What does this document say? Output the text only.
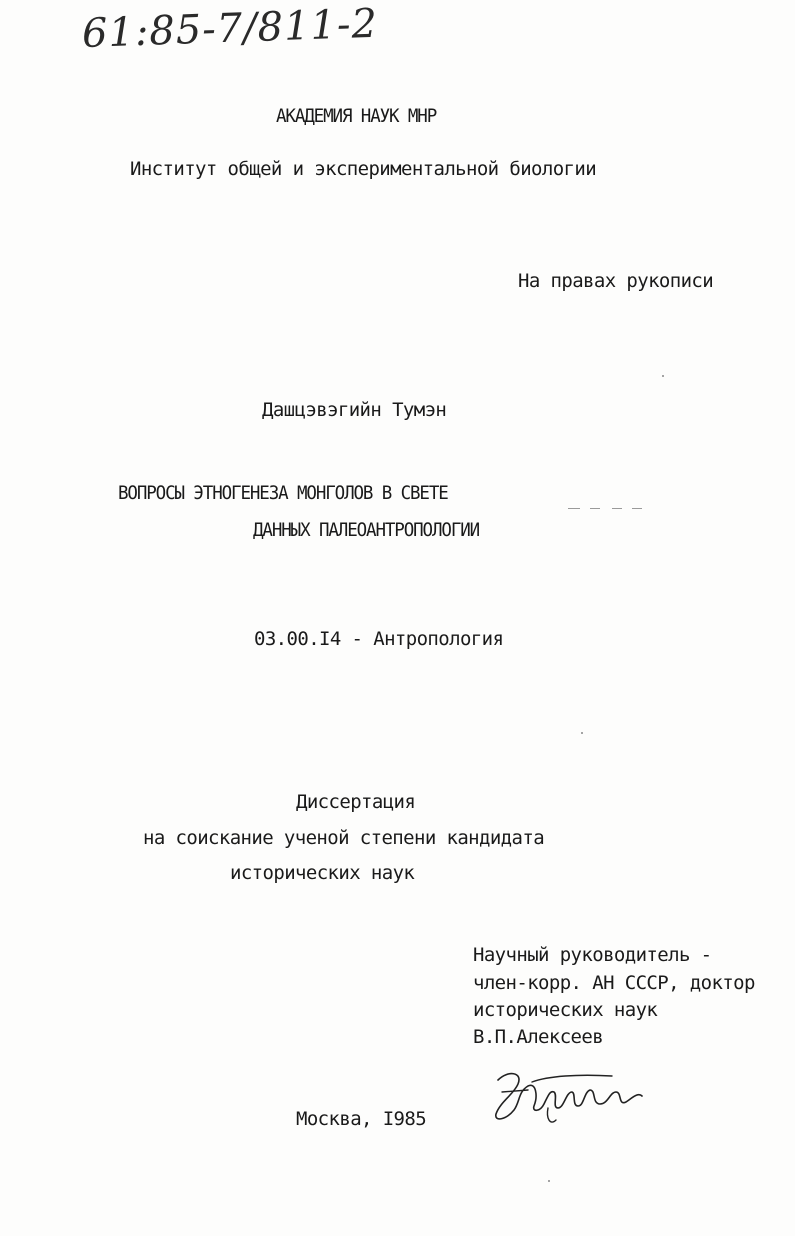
61:85-7/811-2
АКАДЕМИЯ НАУК МНР
Институт общей и экспериментальной биологии
На правах рукописи
Дашцэвэгийн Тумэн
ВОПРОСЫ ЭТНОГЕНЕЗА МОНГОЛОВ В СВЕТЕ
ДАННЫХ ПАЛЕОАНТРОПОЛОГИИ
03.00.I4 - Антропология
Диссертация
на соискание ученой степени кандидата
исторических наук
Научный руководитель -
член-корр. АН СССР, доктор
исторических наук
В.П.Алексеев
Москва, I985
